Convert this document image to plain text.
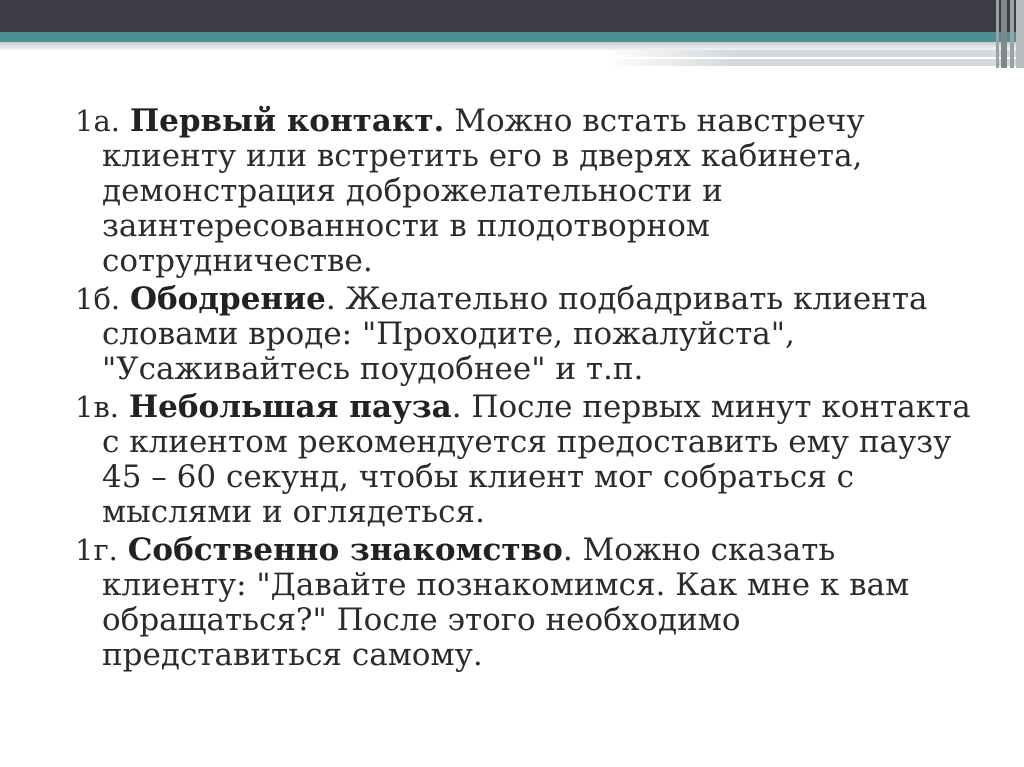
1а. Первый контакт. Можно встать навстречу клиенту или встретить его в дверях кабинета, демонстрация доброжелательности и заинтересованности в плодотворном сотрудничестве.

1б. Ободрение. Желательно подбадривать клиента словами вроде: "Проходите, пожалуйста", "Усаживайтесь поудобнее" и т.п.

1в. Небольшая пауза. После первых минут контакта с клиентом рекомендуется предоставить ему паузу 45 – 60 секунд, чтобы клиент мог собраться с мыслями и оглядеться.

1г. Собственно знакомство. Можно сказать клиенту: "Давайте познакомимся. Как мне к вам обращаться?" После этого необходимо представиться самому.
